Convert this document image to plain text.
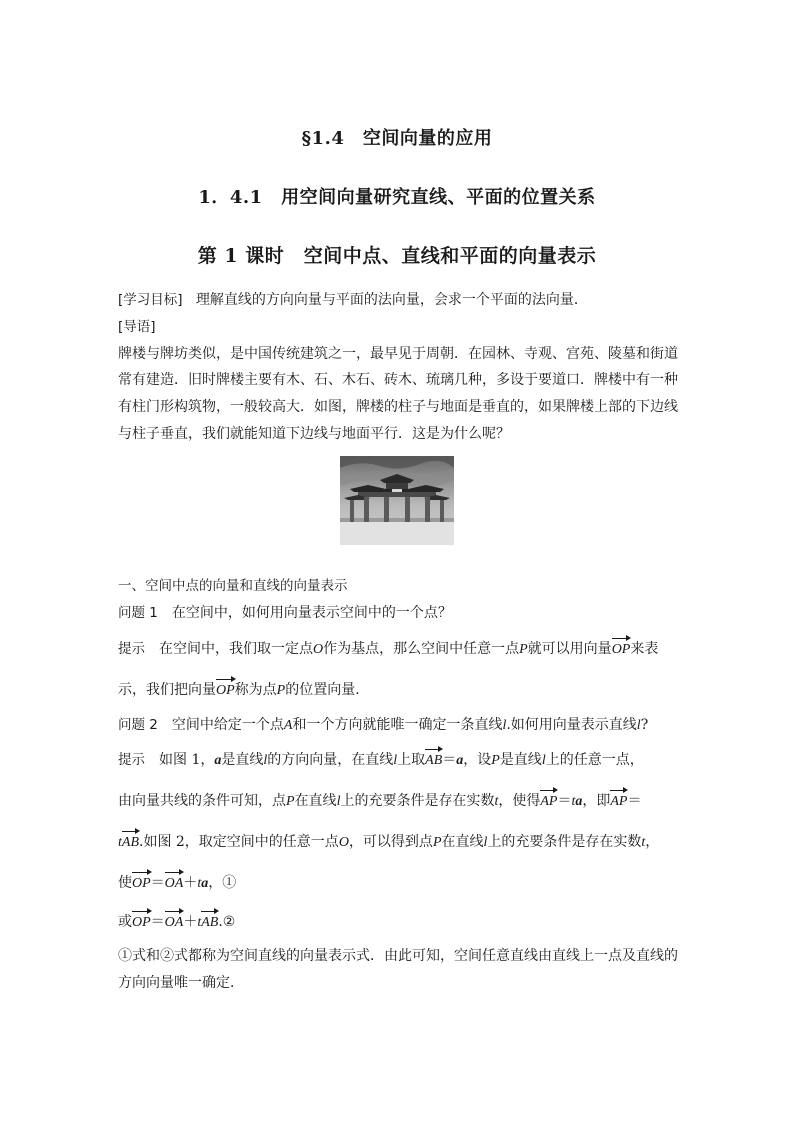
§1.4　空间向量的应用
1．4.1　用空间向量研究直线、平面的位置关系
第 1 课时　空间中点、直线和平面的向量表示
[学习目标] 理解直线的方向向量与平面的法向量，会求一个平面的法向量．
[导语]
牌楼与牌坊类似，是中国传统建筑之一，最早见于周朝．在园林、寺观、宫苑、陵墓和街道
常有建造．旧时牌楼主要有木、石、木石、砖木、琉璃几种，多设于要道口．牌楼中有一种
有柱门形构筑物，一般较高大．如图，牌楼的柱子与地面是垂直的，如果牌楼上部的下边线
与柱子垂直，我们就能知道下边线与地面平行．这是为什么呢？
一、空间中点的向量和直线的向量表示
问题 1 在空间中，如何用向量表示空间中的一个点？
提示 在空间中，我们取一定点O作为基点，那么空间中任意一点P就可以用向量OP来表
示，我们把向量OP称为点P的位置向量．
问题 2 空间中给定一个点A和一个方向就能唯一确定一条直线l.如何用向量表示直线l?
提示 如图 1，a是直线l的方向向量，在直线l上取AB＝a，设P是直线l上的任意一点，
由向量共线的条件可知，点P在直线l上的充要条件是存在实数t，使得AP＝ta，即AP＝
tAB.如图 2，取定空间中的任意一点O，可以得到点P在直线l上的充要条件是存在实数t，
使OP＝OA＋ta，①
或OP＝OA＋tAB.②
①式和②式都称为空间直线的向量表示式．由此可知，空间任意直线由直线上一点及直线的
方向向量唯一确定．
